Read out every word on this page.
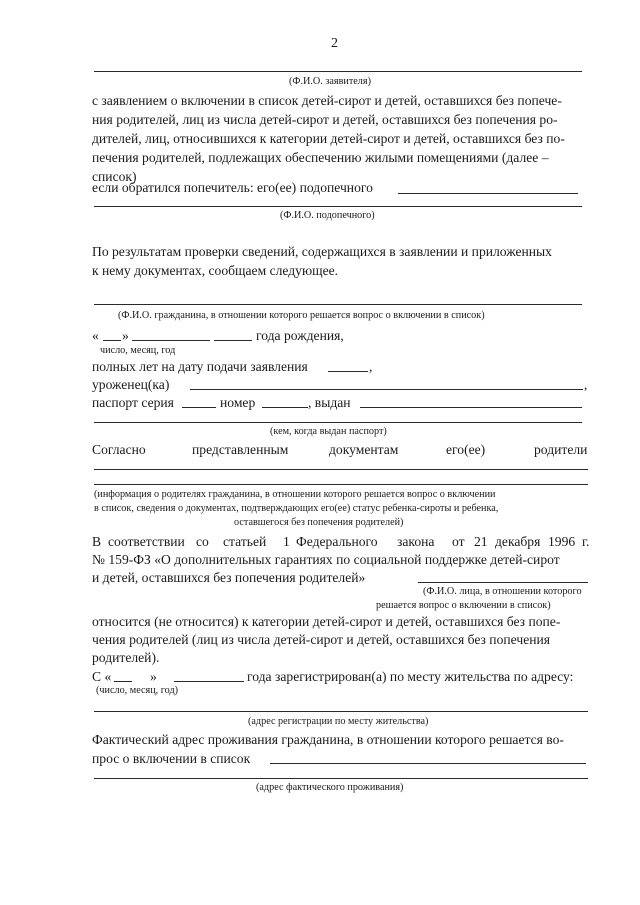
2
(Ф.И.О. заявителя)
с заявлением о включении в список детей-сирот и детей, оставшихся без попече-
ния родителей, лиц из числа детей-сирот и детей, оставшихся без попечения ро-
дителей, лиц, относившихся к категории детей-сирот и детей, оставшихся без по-
печения родителей, подлежащих обеспечению жилыми помещениями (далее –
список)
если обратился попечитель: его(ее) подопечного
(Ф.И.О. подопечного)
По результатам проверки сведений, содержащихся в заявлении и приложенных
к нему документах, сообщаем следующее.
(Ф.И.О. гражданина, в отношении которого решается вопрос о включении в список)
« »	года рождения,
число, месяц, год
полных лет на дату подачи заявления	,
уроженец(ка)	,
паспорт серия	номер	, выдан
(кем, когда выдан паспорт)
Согласно	представленным	документам	его(ее)	родители
(информация о родителях гражданина, в отношении которого решается вопрос о включении
в список, сведения о документах, подтверждающих его(ее) статус ребенка-сироты и ребенка,
оставшегося без попечения родителей)
В соответствии со статьей 1 Федерального закона от 21 декабря 1996 г.
№ 159-ФЗ «О дополнительных гарантиях по социальной поддержке детей-сирот
и детей, оставшихся без попечения родителей»
(Ф.И.О. лица, в отношении которого
решается вопрос о включении в список)
относится (не относится) к категории детей-сирот и детей, оставшихся без попе-
чения родителей (лиц из числа детей-сирот и детей, оставшихся без попечения
родителей).
С «	»	года зарегистрирован(а) по месту жительства по адресу:
(число, месяц, год)
(адрес регистрации по месту жительства)
Фактический адрес проживания гражданина, в отношении которого решается во-
прос о включении в список
(адрес фактического проживания)
